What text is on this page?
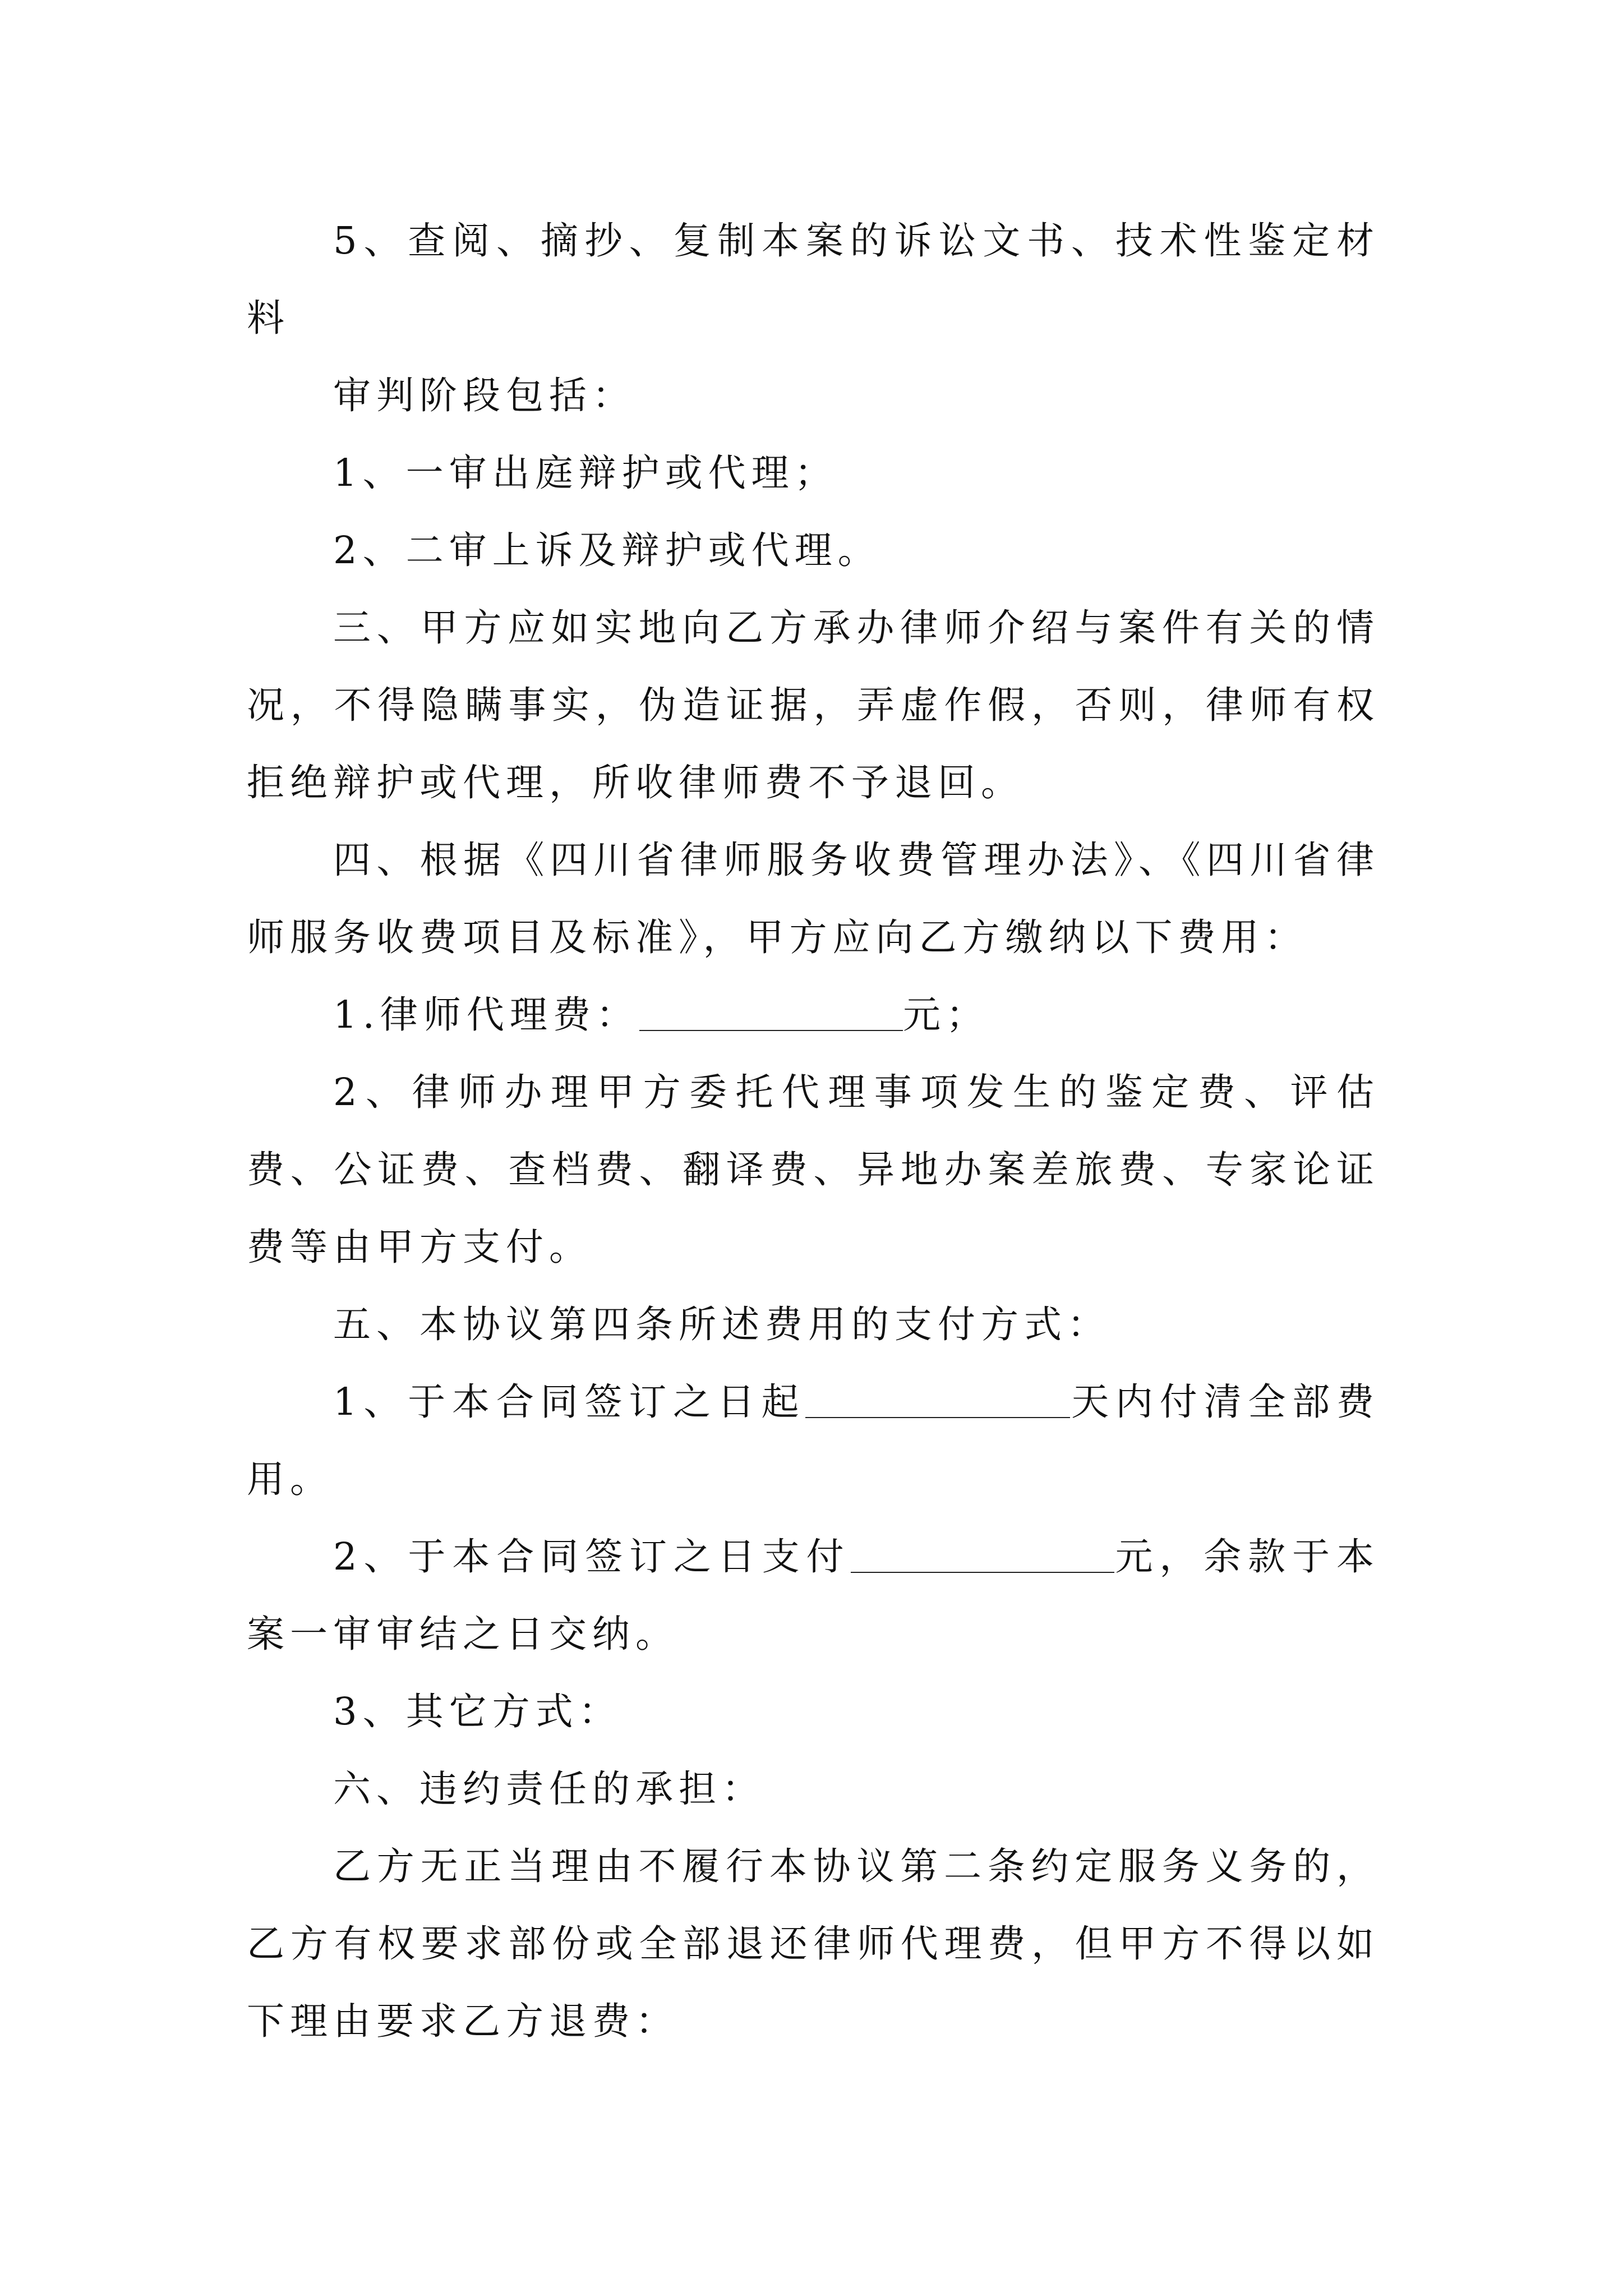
5、查阅、摘抄、复制本案的诉讼文书、技术性鉴定材料

审判阶段包括：

1、一审出庭辩护或代理；

2、二审上诉及辩护或代理。

三、甲方应如实地向乙方承办律师介绍与案件有关的情况，不得隐瞒事实，伪造证据，弄虚作假，否则，律师有权拒绝辩护或代理，所收律师费不予退回。

四、根据《四川省律师服务收费管理办法》、《四川省律师服务收费项目及标准》，甲方应向乙方缴纳以下费用：

1.律师代理费：	元；

2、律师办理甲方委托代理事项发生的鉴定费、评估费、公证费、查档费、翻译费、异地办案差旅费、专家论证费等由甲方支付。

五、本协议第四条所述费用的支付方式：

1、于本合同签订之日起	天内付清全部费用。

2、于本合同签订之日支付	元，余款于本案一审审结之日交纳。

3、其它方式：

六、违约责任的承担：

乙方无正当理由不履行本协议第二条约定服务义务的，乙方有权要求部份或全部退还律师代理费，但甲方不得以如下理由要求乙方退费：
